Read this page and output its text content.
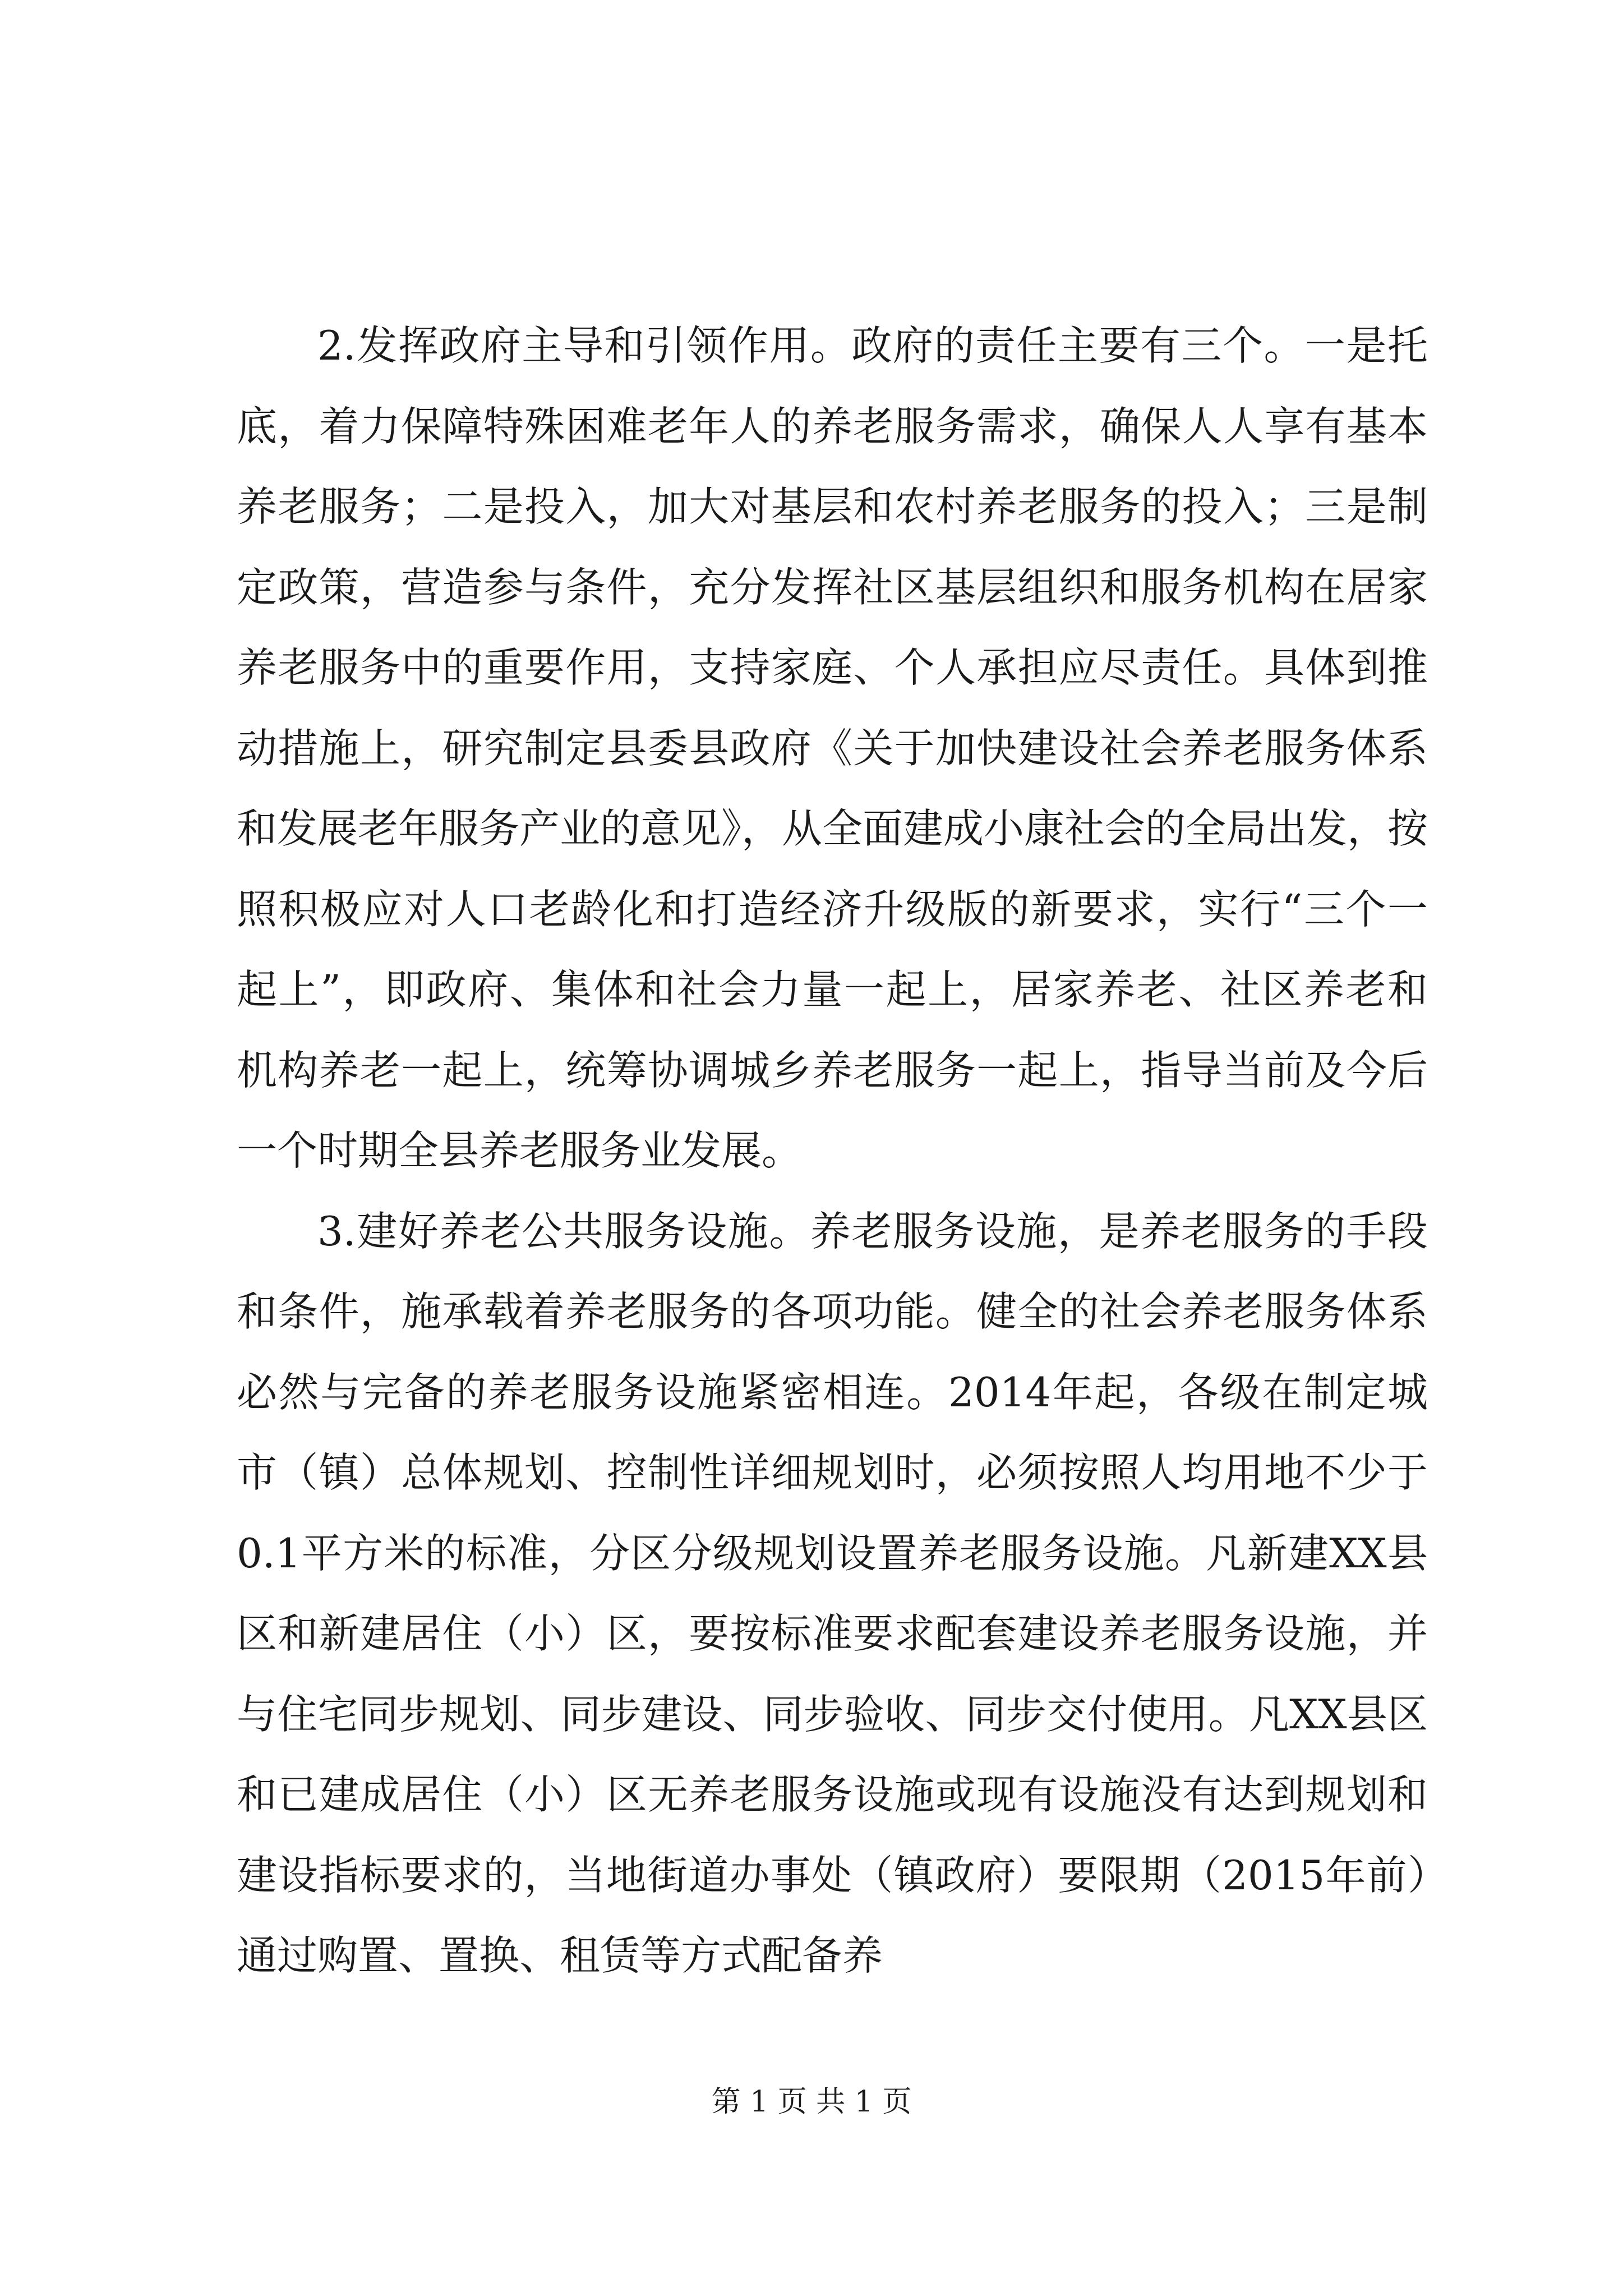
2.发挥政府主导和引领作用。政府的责任主要有三个。一是托底，着力保障特殊困难老年人的养老服务需求，确保人人享有基本养老服务；二是投入，加大对基层和农村养老服务的投入；三是制定政策，营造参与条件，充分发挥社区基层组织和服务机构在居家养老服务中的重要作用，支持家庭、个人承担应尽责任。具体到推动措施上，研究制定县委县政府《关于加快建设社会养老服务体系和发展老年服务产业的意见》，从全面建成小康社会的全局出发，按照积极应对人口老龄化和打造经济升级版的新要求，实行“三个一起上”，即政府、集体和社会力量一起上，居家养老、社区养老和机构养老一起上，统筹协调城乡养老服务一起上，指导当前及今后一个时期全县养老服务业发展。

3.建好养老公共服务设施。养老服务设施，是养老服务的手段和条件，施承载着养老服务的各项功能。健全的社会养老服务体系必然与完备的养老服务设施紧密相连。2014年起，各级在制定城市（镇）总体规划、控制性详细规划时，必须按照人均用地不少于0.1平方米的标准，分区分级规划设置养老服务设施。凡新建XX县区和新建居住（小）区，要按标准要求配套建设养老服务设施，并与住宅同步规划、同步建设、同步验收、同步交付使用。凡XX县区和已建成居住（小）区无养老服务设施或现有设施没有达到规划和建设指标要求的，当地街道办事处（镇政府）要限期（2015年前）通过购置、置换、租赁等方式配备养

第 1 页 共 1 页
